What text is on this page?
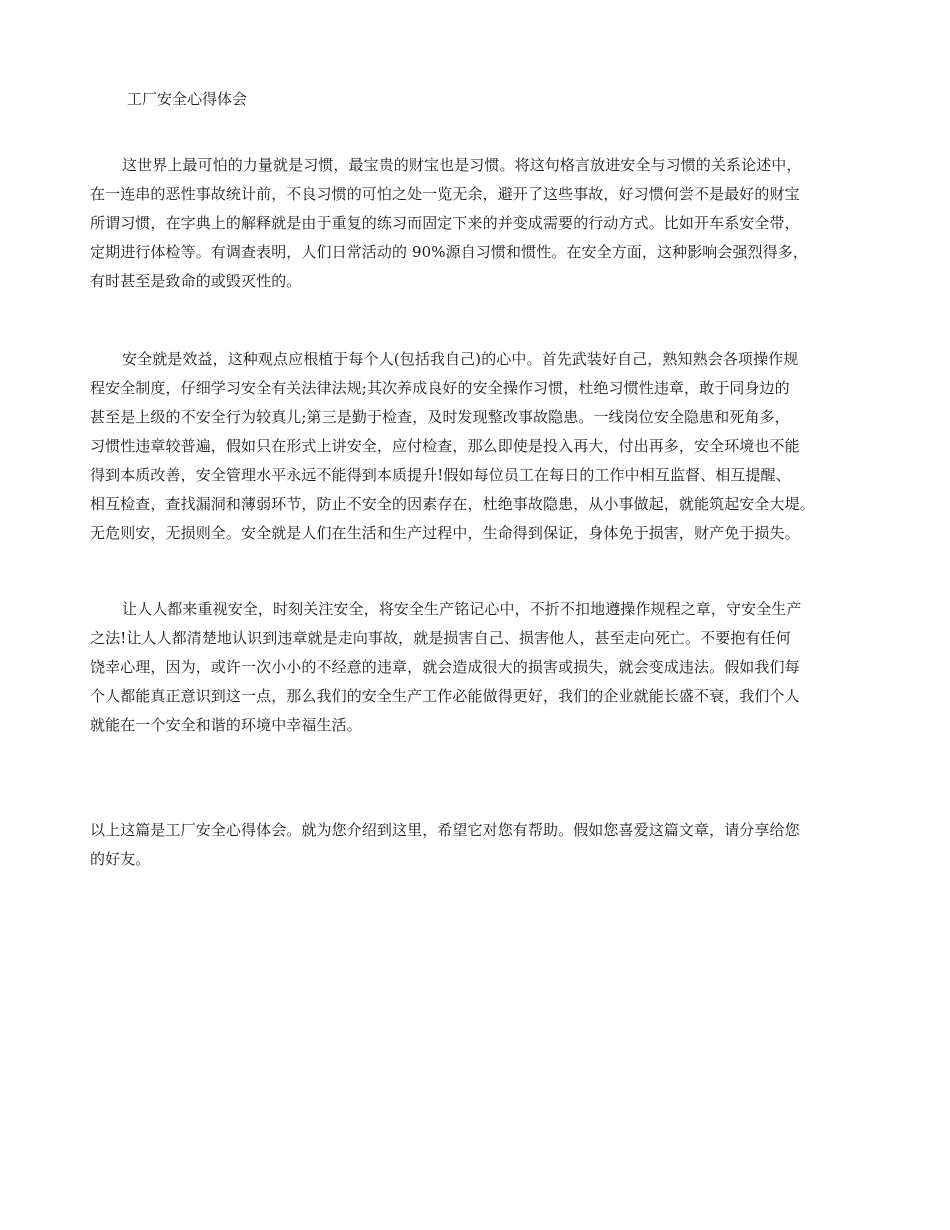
工厂安全心得体会
这世界上最可怕的力量就是习惯，最宝贵的财宝也是习惯。将这句格言放进安全与习惯的关系论述中，
在一连串的恶性事故统计前，不良习惯的可怕之处一览无余，避开了这些事故，好习惯何尝不是最好的财宝
所谓习惯，在字典上的解释就是由于重复的练习而固定下来的并变成需要的行动方式。比如开车系安全带，
定期进行体检等。有调查表明，人们日常活动的 90%源自习惯和惯性。在安全方面，这种影响会强烈得多，
有时甚至是致命的或毁灭性的。
安全就是效益，这种观点应根植于每个人(包括我自己)的心中。首先武装好自己，熟知熟会各项操作规
程安全制度，仔细学习安全有关法律法规;其次养成良好的安全操作习惯，杜绝习惯性违章，敢于同身边的
甚至是上级的不安全行为较真儿;第三是勤于检查，及时发现整改事故隐患。一线岗位安全隐患和死角多，
习惯性违章较普遍，假如只在形式上讲安全，应付检查，那么即使是投入再大，付出再多，安全环境也不能
得到本质改善，安全管理水平永远不能得到本质提升!假如每位员工在每日的工作中相互监督、相互提醒、
相互检查，查找漏洞和薄弱环节，防止不安全的因素存在，杜绝事故隐患，从小事做起，就能筑起安全大堤。
无危则安，无损则全。安全就是人们在生活和生产过程中，生命得到保证，身体免于损害，财产免于损失。
让人人都来重视安全，时刻关注安全，将安全生产铭记心中，不折不扣地遵操作规程之章，守安全生产
之法!让人人都清楚地认识到违章就是走向事故，就是损害自己、损害他人，甚至走向死亡。不要抱有任何
饶幸心理，因为，或许一次小小的不经意的违章，就会造成很大的损害或损失，就会变成违法。假如我们每
个人都能真正意识到这一点，那么我们的安全生产工作必能做得更好，我们的企业就能长盛不衰，我们个人
就能在一个安全和谐的环境中幸福生活。
以上这篇是工厂安全心得体会。就为您介绍到这里，希望它对您有帮助。假如您喜爱这篇文章，请分享给您
的好友。
